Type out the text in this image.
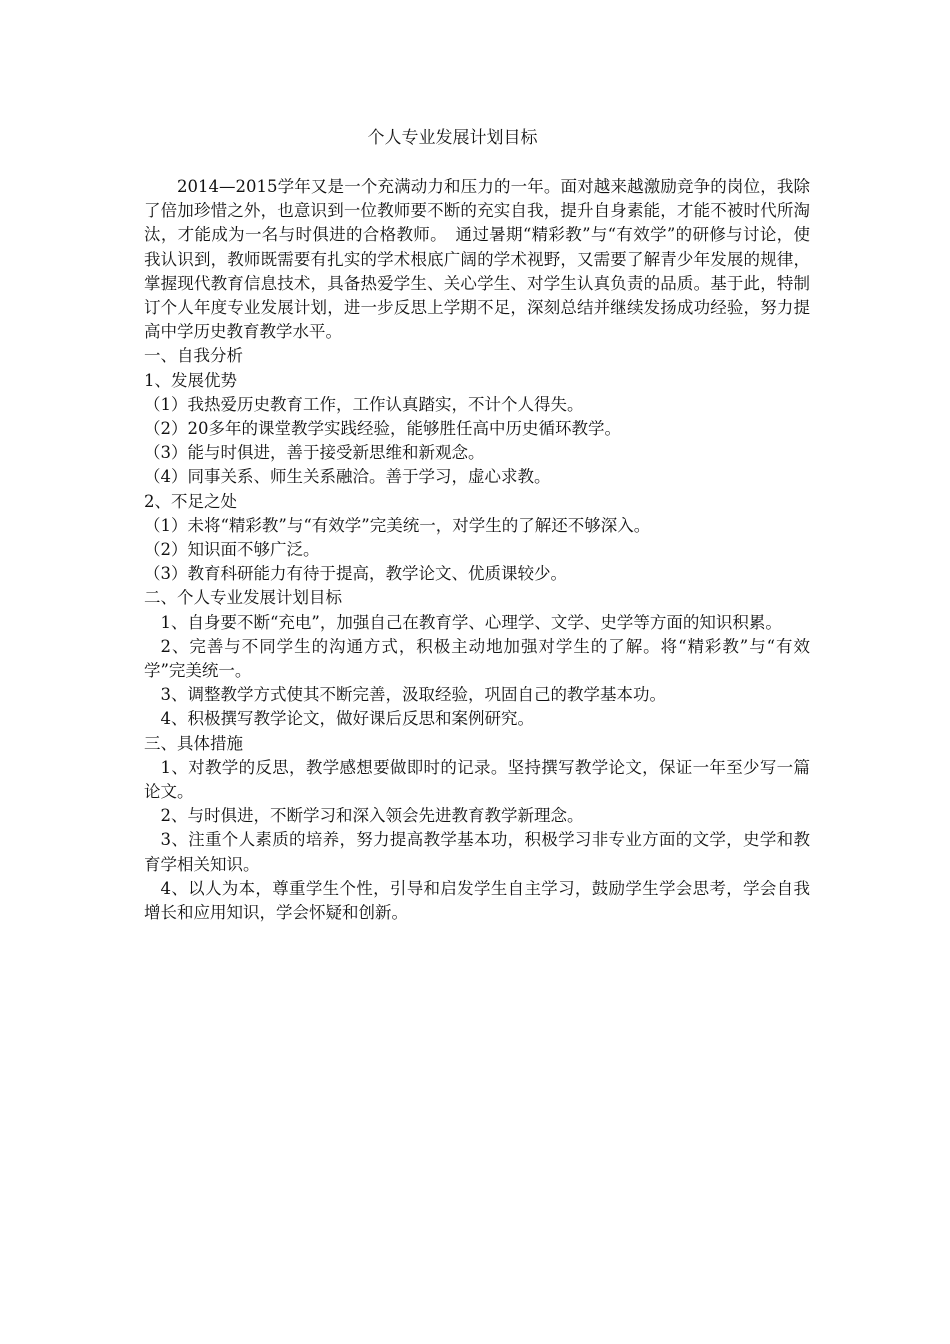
个人专业发展计划目标

2014—2015学年又是一个充满动力和压力的一年。面对越来越激励竞争的岗位，我除了倍加珍惜之外，也意识到一位教师要不断的充实自我，提升自身素能，才能不被时代所淘汰，才能成为一名与时俱进的合格教师。　通过暑期“精彩教”与“有效学”的研修与讨论，使我认识到，教师既需要有扎实的学术根底广阔的学术视野，又需要了解青少年发展的规律，掌握现代教育信息技术，具备热爱学生、关心学生、对学生认真负责的品质。基于此，特制订个人年度专业发展计划，进一步反思上学期不足，深刻总结并继续发扬成功经验，努力提高中学历史教育教学水平。

一、自我分析

1、发展优势

（1）我热爱历史教育工作，工作认真踏实，不计个人得失。

（2）20多年的课堂教学实践经验，能够胜任高中历史循环教学。

（3）能与时俱进，善于接受新思维和新观念。

（4）同事关系、师生关系融洽。善于学习，虚心求教。

2、不足之处

（1）未将“精彩教”与“有效学”完美统一，对学生的了解还不够深入。

（2）知识面不够广泛。

（3）教育科研能力有待于提高，教学论文、优质课较少。

二、个人专业发展计划目标

1、自身要不断“充电”，加强自己在教育学、心理学、文学、史学等方面的知识积累。

2、完善与不同学生的沟通方式，积极主动地加强对学生的了解。将“精彩教”与“有效学”完美统一。

3、调整教学方式使其不断完善，汲取经验，巩固自己的教学基本功。

4、积极撰写教学论文，做好课后反思和案例研究。

三、具体措施

1、对教学的反思，教学感想要做即时的记录。坚持撰写教学论文，保证一年至少写一篇论文。

2、与时俱进，不断学习和深入领会先进教育教学新理念。

3、注重个人素质的培养，努力提高教学基本功，积极学习非专业方面的文学，史学和教育学相关知识。

4、以人为本，尊重学生个性，引导和启发学生自主学习，鼓励学生学会思考，学会自我增长和应用知识，学会怀疑和创新。
